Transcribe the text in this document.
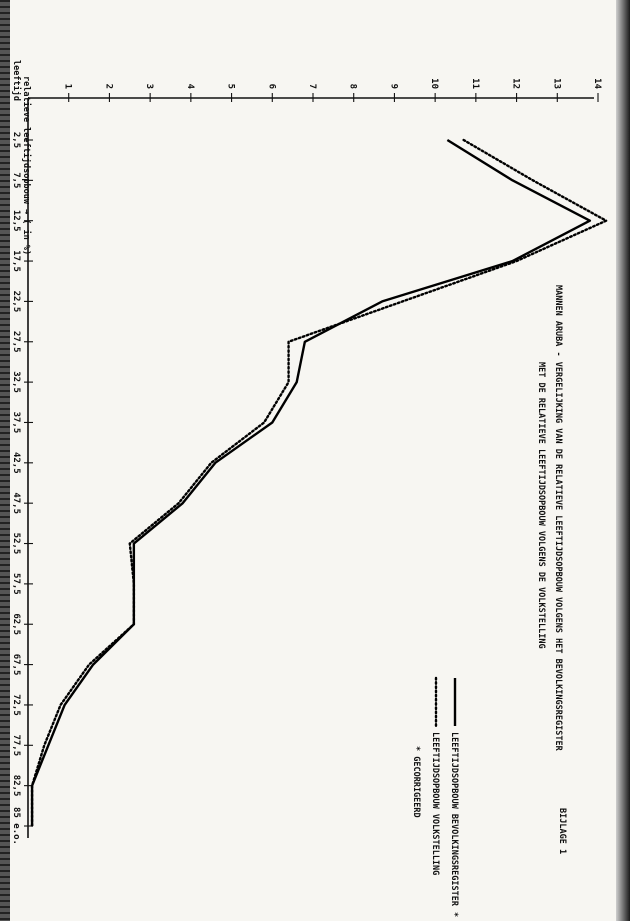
1	2	3	4	5	6	7	8	9	10	11	12	13	14
2,5
7,5
12,5
17,5
22,5
27,5
32,5
37,5
42,5
47,5
52,5
57,5
62,5
67,5
72,5
77,5
82,5
85 e.o.
relatieve leeftijdsopbouw → ( in %)
leeftijd
MANNEN ARUBA - VERGELIJKING VAN DE RELATIEVE LEEFTIJDSOPBOUW VOLGENS HET BEVOLKINGSREGISTER
MET DE RELATIEVE LEEFTIJDSOPBOUW VOLGENS DE VOLKSTELLING
BIJLAGE 1
LEEFTIJDSOPBOUW BEVOLKINGSREGISTER
*
LEEFTIJDSOPBOUW VOLKSTELLING
* GECORRIGEERD
